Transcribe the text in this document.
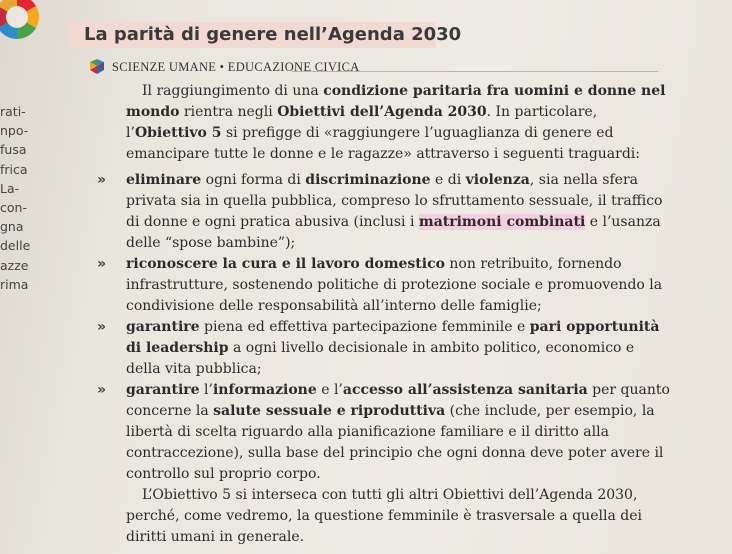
La parità di genere nell’Agenda 2030
SCIENZE UMANE • EDUCAZIONE CIVICA
rati-
npo-
fusa
frica
La-
con-
gna
delle
azze
rima

Il raggiungimento di una condizione paritaria fra uomini e donne nel mondo rientra negli Obiettivi dell’Agenda 2030. In particolare, l’Obiettivo 5 si prefigge di «raggiungere l’uguaglianza di genere ed emancipare tutte le donne e le ragazze» attraverso i seguenti traguardi:

» eliminare ogni forma di discriminazione e di violenza, sia nella sfera privata sia in quella pubblica, compreso lo sfruttamento sessuale, il traffico di donne e ogni pratica abusiva (inclusi i matrimoni combinati e l’usanza delle “spose bambine”);

» riconoscere la cura e il lavoro domestico non retribuito, fornendo infrastrutture, sostenendo politiche di protezione sociale e promuovendo la condivisione delle responsabilità all’interno delle famiglie;

» garantire piena ed effettiva partecipazione femminile e pari opportunità di leadership a ogni livello decisionale in ambito politico, economico e della vita pubblica;

» garantire l’informazione e l’accesso all’assistenza sanitaria per quanto concerne la salute sessuale e riproduttiva (che include, per esempio, la libertà di scelta riguardo alla pianificazione familiare e il diritto alla contraccezione), sulla base del principio che ogni donna deve poter avere il controllo sul proprio corpo.

L’Obiettivo 5 si interseca con tutti gli altri Obiettivi dell’Agenda 2030, perché, come vedremo, la questione femminile è trasversale a quella dei diritti umani in generale.
